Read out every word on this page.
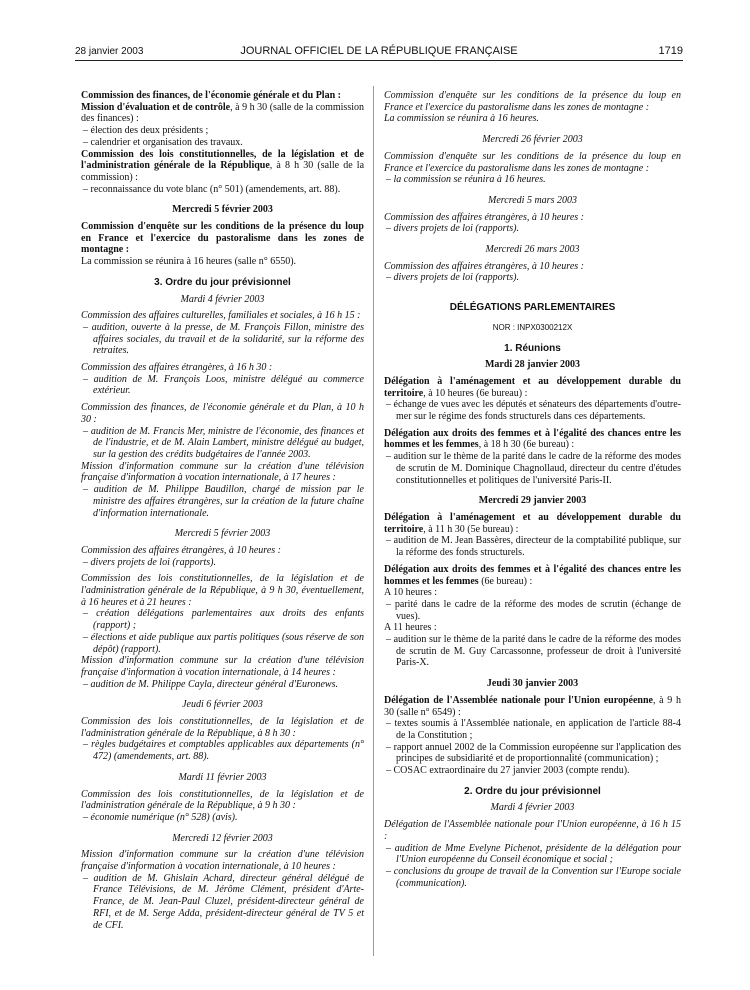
28 janvier 2003	JOURNAL OFFICIEL DE LA RÉPUBLIQUE FRANÇAISE	1719

Commission des finances, de l'économie générale et du Plan :

Mission d'évaluation et de contrôle, à 9 h 30 (salle de la commission des finances) :

– élection des deux présidents ;
– calendrier et organisation des travaux.

Commission des lois constitutionnelles, de la législation et de l'administration générale de la République, à 8 h 30 (salle de la commission) :

– reconnaissance du vote blanc (n° 501) (amendements, art. 88).

Mercredi 5 février 2003

Commission d'enquête sur les conditions de la présence du loup en France et l'exercice du pastoralisme dans les zones de montagne :

La commission se réunira à 16 heures (salle n° 6550).

3. Ordre du jour prévisionnel

Mardi 4 février 2003

Commission des affaires culturelles, familiales et sociales, à 16 h 15 :

– audition, ouverte à la presse, de M. François Fillon, ministre des affaires sociales, du travail et de la solidarité, sur la réforme des retraites.

Commission des affaires étrangères, à 16 h 30 :

– audition de M. François Loos, ministre délégué au commerce extérieur.

Commission des finances, de l'économie générale et du Plan, à 10 h 30 :

– audition de M. Francis Mer, ministre de l'économie, des finances et de l'industrie, et de M. Alain Lambert, ministre délégué au budget, sur la gestion des crédits budgétaires de l'année 2003.

Mission d'information commune sur la création d'une télévision française d'information à vocation internationale, à 17 heures :

– audition de M. Philippe Baudillon, chargé de mission par le ministre des affaires étrangères, sur la création de la future chaîne d'information internationale.

Mercredi 5 février 2003

Commission des affaires étrangères, à 10 heures :

– divers projets de loi (rapports).

Commission des lois constitutionnelles, de la législation et de l'administration générale de la République, à 9 h 30, éventuellement, à 16 heures et à 21 heures :

– création délégations parlementaires aux droits des enfants (rapport) ;
– élections et aide publique aux partis politiques (sous réserve de son dépôt) (rapport).

Mission d'information commune sur la création d'une télévision française d'information à vocation internationale, à 14 heures :

– audition de M. Philippe Cayla, directeur général d'Euronews.

Jeudi 6 février 2003

Commission des lois constitutionnelles, de la législation et de l'administration générale de la République, à 8 h 30 :

– règles budgétaires et comptables applicables aux départements (n° 472) (amendements, art. 88).

Mardi 11 février 2003

Commission des lois constitutionnelles, de la législation et de l'administration générale de la République, à 9 h 30 :

– économie numérique (n° 528) (avis).

Mercredi 12 février 2003

Mission d'information commune sur la création d'une télévision française d'information à vocation internationale, à 10 heures :

– audition de M. Ghislain Achard, directeur général délégué de France Télévisions, de M. Jérôme Clément, président d'Arte-France, de M. Jean-Paul Cluzel, président-directeur général de RFI, et de M. Serge Adda, président-directeur général de TV 5 et de CFI.

Commission d'enquête sur les conditions de la présence du loup en France et l'exercice du pastoralisme dans les zones de montagne :

La commission se réunira à 16 heures.

Mercredi 26 février 2003

Commission d'enquête sur les conditions de la présence du loup en France et l'exercice du pastoralisme dans les zones de montagne :

– la commission se réunira à 16 heures.

Mercredi 5 mars 2003

Commission des affaires étrangères, à 10 heures :

– divers projets de loi (rapports).

Mercredi 26 mars 2003

Commission des affaires étrangères, à 10 heures :

– divers projets de loi (rapports).

DÉLÉGATIONS PARLEMENTAIRES

NOR : INPX0300212X

1. Réunions

Mardi 28 janvier 2003

Délégation à l'aménagement et au développement durable du territoire, à 10 heures (6e bureau) :

– échange de vues avec les députés et sénateurs des départements d'outre-mer sur le régime des fonds structurels dans ces départements.

Délégation aux droits des femmes et à l'égalité des chances entre les hommes et les femmes, à 18 h 30 (6e bureau) :

– audition sur le thème de la parité dans le cadre de la réforme des modes de scrutin de M. Dominique Chagnollaud, directeur du centre d'études constitutionnelles et politiques de l'université Paris-II.

Mercredi 29 janvier 2003

Délégation à l'aménagement et au développement durable du territoire, à 11 h 30 (5e bureau) :

– audition de M. Jean Bassères, directeur de la comptabilité publique, sur la réforme des fonds structurels.

Délégation aux droits des femmes et à l'égalité des chances entre les hommes et les femmes (6e bureau) :

A 10 heures :

– parité dans le cadre de la réforme des modes de scrutin (échange de vues).

A 11 heures :

– audition sur le thème de la parité dans le cadre de la réforme des modes de scrutin de M. Guy Carcassonne, professeur de droit à l'université Paris-X.

Jeudi 30 janvier 2003

Délégation de l'Assemblée nationale pour l'Union européenne, à 9 h 30 (salle n° 6549) :

– textes soumis à l'Assemblée nationale, en application de l'article 88-4 de la Constitution ;
– rapport annuel 2002 de la Commission européenne sur l'application des principes de subsidiarité et de proportionnalité (communication) ;
– COSAC extraordinaire du 27 janvier 2003 (compte rendu).

2. Ordre du jour prévisionnel

Mardi 4 février 2003

Délégation de l'Assemblée nationale pour l'Union européenne, à 16 h 15 :

– audition de Mme Evelyne Pichenot, présidente de la délégation pour l'Union européenne du Conseil économique et social ;
– conclusions du groupe de travail de la Convention sur l'Europe sociale (communication).
